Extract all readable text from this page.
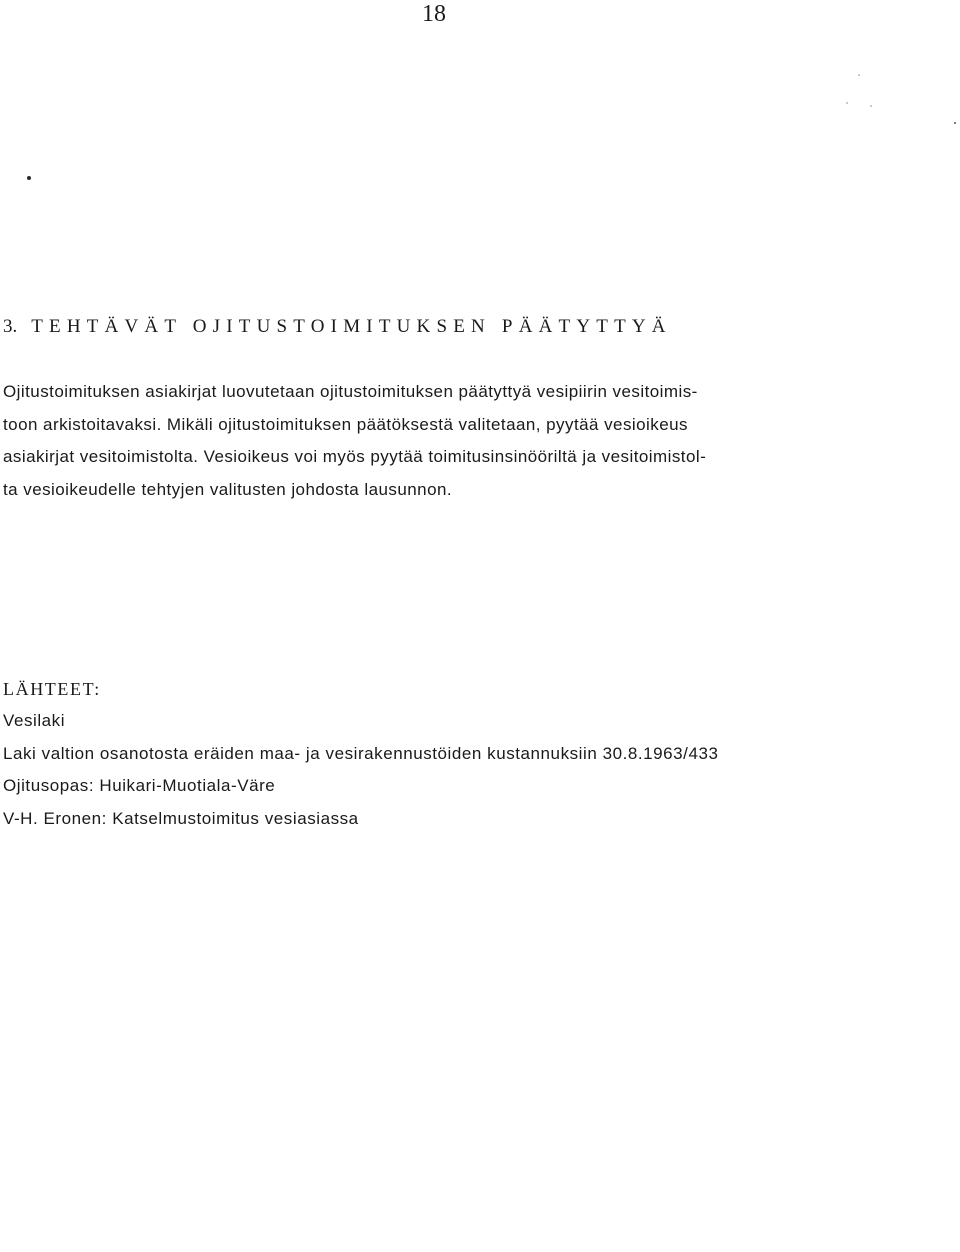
18
3. TEHTÄVÄT OJITUSTOIMITUKSEN PÄÄTYTTYÄ
Ojitustoimituksen asiakirjat luovutetaan ojitustoimituksen päätyttyä vesipiirin vesitoimis-
toon arkistoitavaksi. Mikäli ojitustoimituksen päätöksestä valitetaan, pyytää vesioikeus
asiakirjat vesitoimistolta. Vesioikeus voi myös pyytää toimitusinsinööriltä ja vesitoimistol-
ta vesioikeudelle tehtyjen valitusten johdosta lausunnon.
LÄHTEET:
Vesilaki
Laki valtion osanotosta eräiden maa- ja vesirakennustöiden kustannuksiin 30.8.1963/433
Ojitusopas: Huikari-Muotiala-Väre
V-H. Eronen: Katselmustoimitus vesiasiassa
